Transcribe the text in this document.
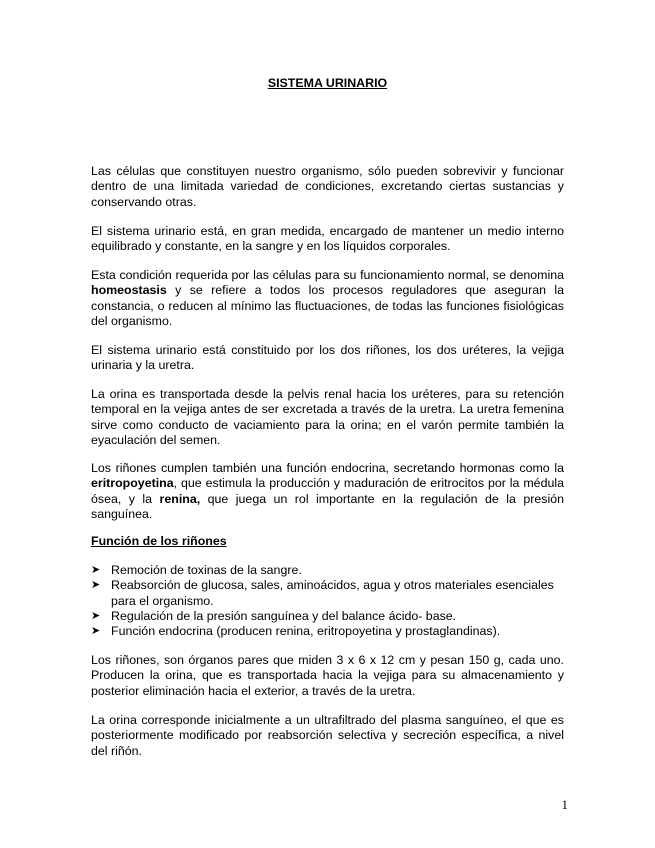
SISTEMA URINARIO

Las células que constituyen nuestro organismo, sólo pueden sobrevivir y funcionar dentro de una limitada variedad de condiciones, excretando ciertas sustancias y conservando otras.

El sistema urinario está, en gran medida, encargado de mantener un medio interno equilibrado y constante, en la sangre y en los líquidos corporales.

Esta condición requerida por las células para su funcionamiento normal, se denomina homeostasis y se refiere a todos los procesos reguladores que aseguran la constancia, o reducen al mínimo las fluctuaciones, de todas las funciones fisiológicas del organismo.

El sistema urinario está constituido por los dos riñones, los dos uréteres, la vejiga urinaria y la uretra.

La orina es transportada desde la pelvis renal hacia los uréteres, para su retención temporal en la vejiga antes de ser excretada a través de la uretra. La uretra femenina sirve como conducto de vaciamiento para la orina; en el varón permite también la eyaculación del semen.

Los riñones cumplen también una función endocrina, secretando hormonas como la eritropoyetina, que estimula la producción y maduración de eritrocitos por la médula ósea, y la renina, que juega un rol importante en la regulación de la presión sanguínea.

Función de los riñones
➤ Remoción de toxinas de la sangre.
➤ Reabsorción de glucosa, sales, aminoácidos, agua y otros materiales esenciales para el organismo.
➤ Regulación de la presión sanguínea y del balance ácido- base.
➤ Función endocrina (producen renina, eritropoyetina y prostaglandinas).

Los riñones, son órganos pares que miden 3 x 6 x 12 cm y pesan 150 g, cada uno. Producen la orina, que es transportada hacia la vejiga para su almacenamiento y posterior eliminación hacia el exterior, a través de la uretra.

La orina corresponde inicialmente a un ultrafiltrado del plasma sanguíneo, el que es posteriormente modificado por reabsorción selectiva y secreción específica, a nivel del riñón.

1
